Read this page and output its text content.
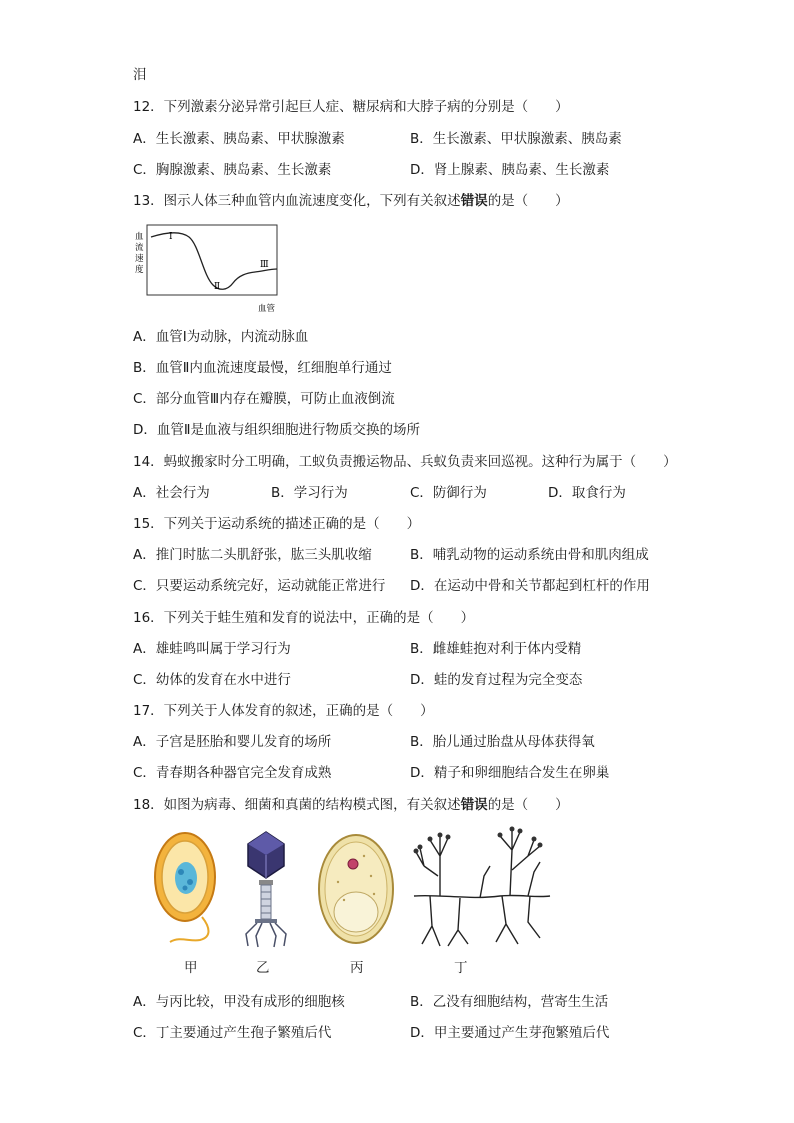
泪
12．下列激素分泌异常引起巨人症、糖尿病和大脖子病的分别是（　　）
A．生长激素、胰岛素、甲状腺激素	B．生长激素、甲状腺激素、胰岛素
C．胸腺激素、胰岛素、生长激素	D．肾上腺素、胰岛素、生长激素
13．图示人体三种血管内血流速度变化，下列有关叙述错误的是（　　）
血
流
速
度
Ⅰ
Ⅱ
Ⅲ
血管
A．血管Ⅰ为动脉，内流动脉血
B．血管Ⅱ内血流速度最慢，红细胞单行通过
C．部分血管Ⅲ内存在瓣膜，可防止血液倒流
D．血管Ⅱ是血液与组织细胞进行物质交换的场所
14．蚂蚁搬家时分工明确，工蚁负责搬运物品、兵蚁负责来回巡视。这种行为属于（　　）
A．社会行为	B．学习行为	C．防御行为	D．取食行为
15．下列关于运动系统的描述正确的是（　　）
A．推门时肱二头肌舒张，肱三头肌收缩	B．哺乳动物的运动系统由骨和肌肉组成
C．只要运动系统完好，运动就能正常进行 D．在运动中骨和关节都起到杠杆的作用
16．下列关于蛙生殖和发育的说法中，正确的是（　　）
A．雄蛙鸣叫属于学习行为	B．雌雄蛙抱对利于体内受精
C．幼体的发育在水中进行	D．蛙的发育过程为完全变态
17．下列关于人体发育的叙述，正确的是（　　）
A．子宫是胚胎和婴儿发育的场所	B．胎儿通过胎盘从母体获得氧
C．青春期各种器官完全发育成熟	D．精子和卵细胞结合发生在卵巢
18．如图为病毒、细菌和真菌的结构模式图，有关叙述错误的是（　　）
甲	乙	丙	丁
A．与丙比较，甲没有成形的细胞核	B．乙没有细胞结构，营寄生生活
C．丁主要通过产生孢子繁殖后代	D．甲主要通过产生芽孢繁殖后代
